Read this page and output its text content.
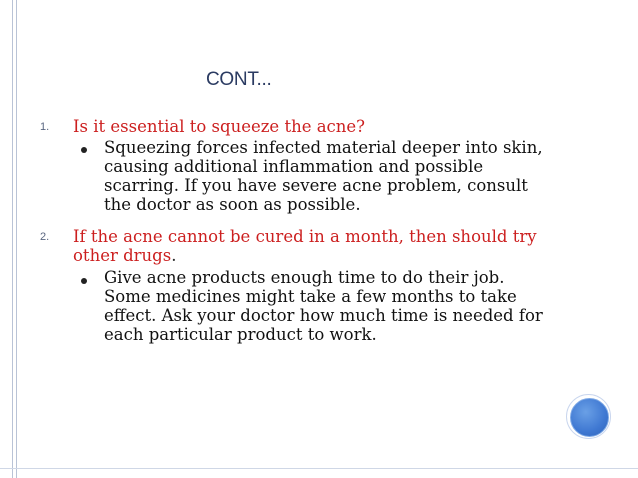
CONT...
1. Is it essential to squeeze the acne?
Squeezing forces infected material deeper into skin, causing additional inflammation and possible scarring. If you have severe acne problem, consult the doctor as soon as possible.
2. If the acne cannot be cured in a month, then should try other drugs.
Give acne products enough time to do their job. Some medicines might take a few months to take effect. Ask your doctor how much time is needed for each particular product to work.
